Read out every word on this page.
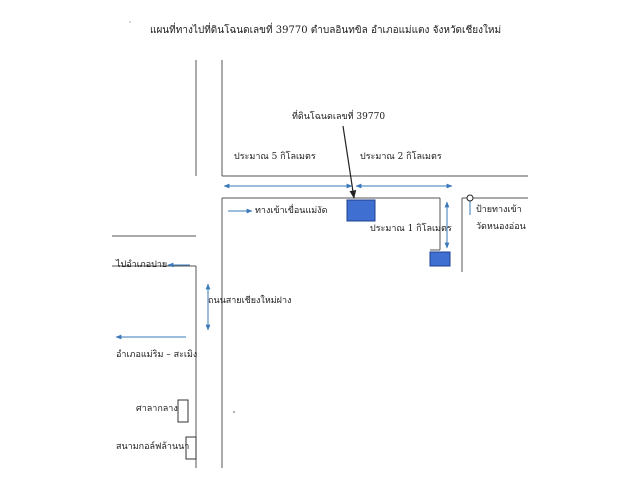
แผนที่ทางไปที่ดินโฉนดเลขที่ 39770 ตำบลอินทขิล อำเภอแม่แตง จังหวัดเชียงใหม่
ที่ดินโฉนดเลขที่ 39770
ประมาณ 5 กิโลเมตร	ประมาณ 2 กิโลเมตร
ทางเข้าเขื่อนแม่งัด
ประมาณ 1 กิโลเมตร
ป้ายทางเข้า
วัดหนองอ่อน
ไปอำเภอปาย
ถนนสายเชียงใหม่ฝาง
อำเภอแม่ริม – สะเมิง
ศาลากลาง
สนามกอล์ฟล้านนา
